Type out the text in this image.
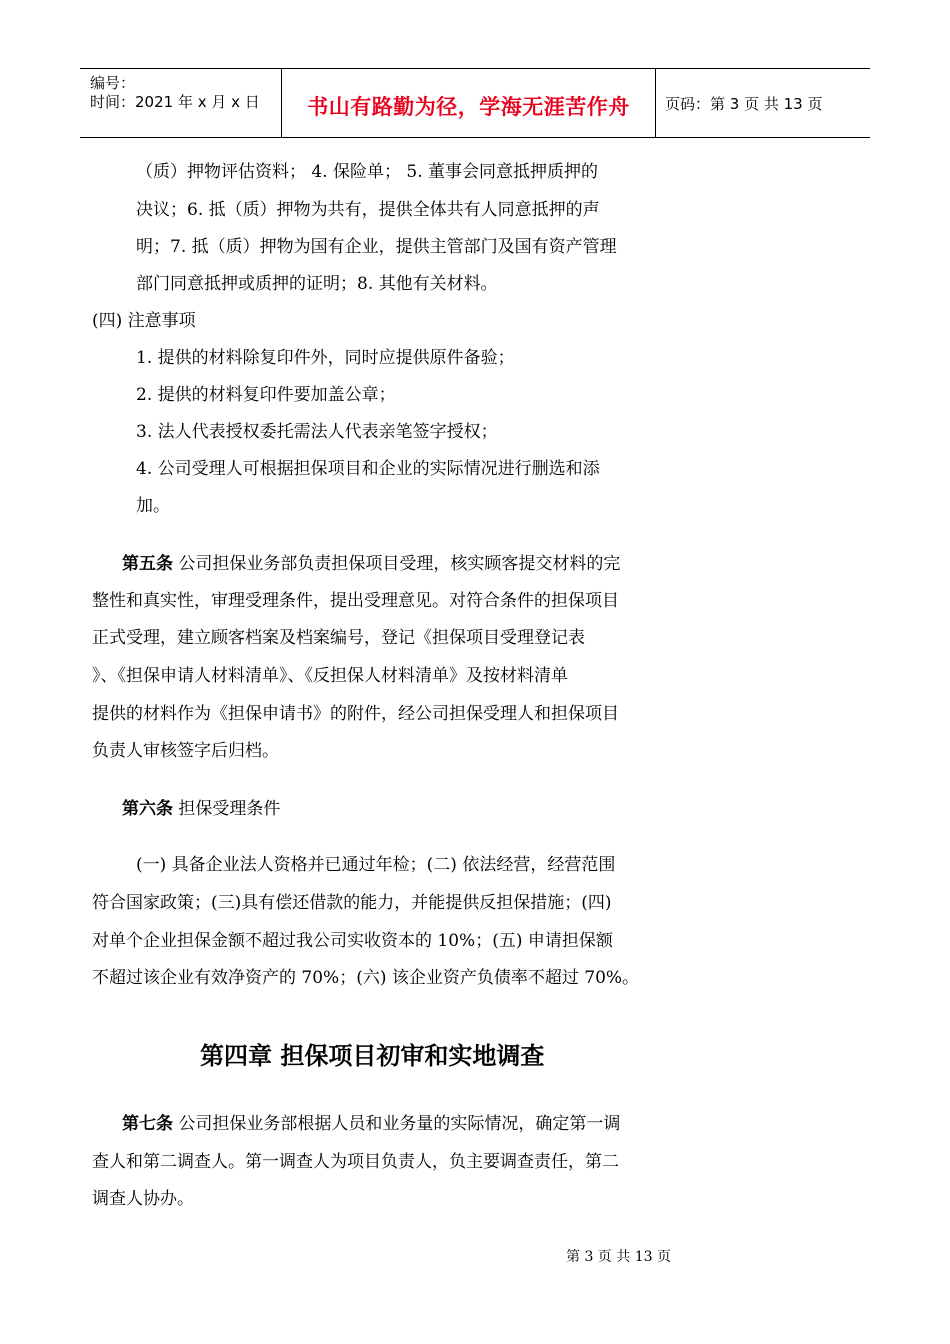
编号：
时间：2021 年 x 月 x 日	书山有路勤为径，学海无涯苦作舟	页码：第 3 页 共 13 页
（质）押物评估资料； 4. 保险单； 5. 董事会同意抵押质押的
决议；6. 抵（质）押物为共有，提供全体共有人同意抵押的声
明；7. 抵（质）押物为国有企业，提供主管部门及国有资产管理
部门同意抵押或质押的证明；8. 其他有关材料。
(四) 注意事项
1. 提供的材料除复印件外，同时应提供原件备验；
2. 提供的材料复印件要加盖公章；
3. 法人代表授权委托需法人代表亲笔签字授权；
4. 公司受理人可根据担保项目和企业的实际情况进行删选和添
加。
第五条 公司担保业务部负责担保项目受理，核实顾客提交材料的完
整性和真实性，审理受理条件，提出受理意见。对符合条件的担保项目
正式受理，建立顾客档案及档案编号，登记《担保项目受理登记表
》、《担保申请人材料清单》、《反担保人材料清单》及按材料清单
提供的材料作为《担保申请书》的附件，经公司担保受理人和担保项目
负责人审核签字后归档。
第六条 担保受理条件
(一) 具备企业法人资格并已通过年检；(二) 依法经营，经营范围
符合国家政策；(三)具有偿还借款的能力，并能提供反担保措施；(四)
对单个企业担保金额不超过我公司实收资本的 10%；(五) 申请担保额
不超过该企业有效净资产的 70%；(六) 该企业资产负债率不超过 70%。
第四章 担保项目初审和实地调查
第七条 公司担保业务部根据人员和业务量的实际情况，确定第一调
查人和第二调查人。第一调查人为项目负责人，负主要调查责任，第二
调查人协办。
第 3 页 共 13 页
